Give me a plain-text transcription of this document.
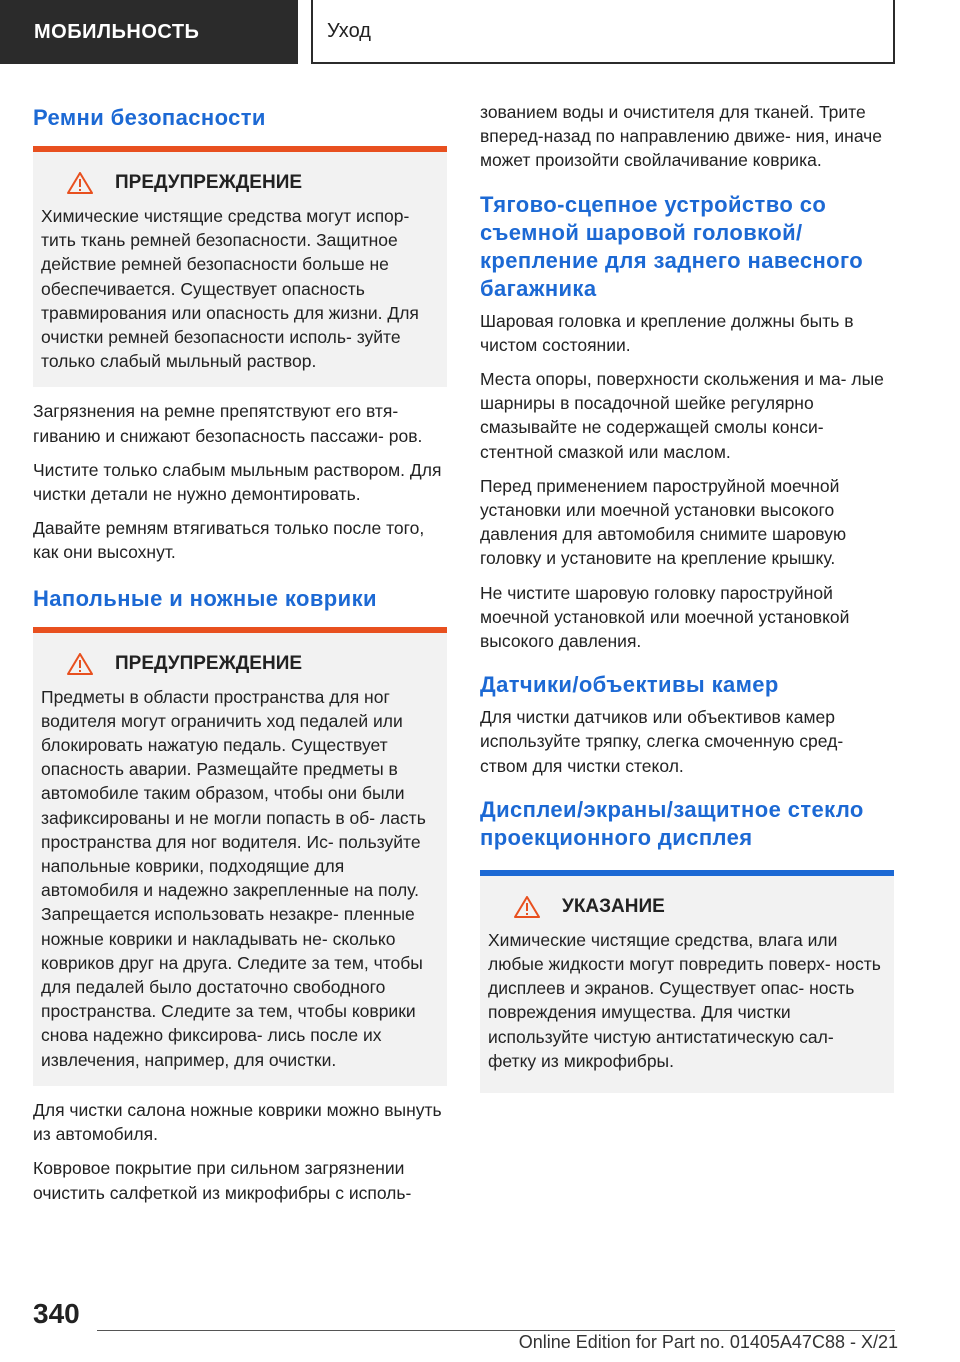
МОБИЛЬНОСТЬ	Уход
Ремни безопасности
ПРЕДУПРЕЖДЕНИЕ

Химические чистящие средства могут испор- тить ткань ремней безопасности. Защитное действие ремней безопасности больше не обеспечивается. Существует опасность травмирования или опасность для жизни. Для очистки ремней безопасности исполь- зуйте только слабый мыльный раствор.

Загрязнения на ремне препятствуют его втя- гиванию и снижают безопасность пассажи- ров.

Чистите только слабым мыльным раствором. Для чистки детали не нужно демонтировать.

Давайте ремням втягиваться только после того, как они высохнут.

Напольные и ножные коврики
ПРЕДУПРЕЖДЕНИЕ

Предметы в области пространства для ног водителя могут ограничить ход педалей или блокировать нажатую педаль. Существует опасность аварии. Размещайте предметы в автомобиле таким образом, чтобы они были зафиксированы и не могли попасть в об- ласть пространства для ног водителя. Ис- пользуйте напольные коврики, подходящие для автомобиля и надежно закрепленные на полу. Запрещается использовать незакре- пленные ножные коврики и накладывать не- сколько ковриков друг на друга. Следите за тем, чтобы для педалей было достаточно свободного пространства. Следите за тем, чтобы коврики снова надежно фиксирова- лись после их извлечения, например, для очистки.

Для чистки салона ножные коврики можно вынуть из автомобиля.

Ковровое покрытие при сильном загрязнении очистить салфеткой из микрофибры с исполь-

зованием воды и очистителя для тканей. Трите вперед-назад по направлению движе- ния, иначе может произойти свойлачивание коврика.

Тягово-сцепное устройство со съемной шаровой головкой/ крепление для заднего навесного багажника

Шаровая головка и крепление должны быть в чистом состоянии.

Места опоры, поверхности скольжения и ма- лые шарниры в посадочной шейке регулярно смазывайте не содержащей смолы конси- стентной смазкой или маслом.

Перед применением пароструйной моечной установки или моечной установки высокого давления для автомобиля снимите шаровую головку и установите на крепление крышку.

Не чистите шаровую головку пароструйной моечной установкой или моечной установкой высокого давления.

Датчики/объективы камер

Для чистки датчиков или объективов камер используйте тряпку, слегка смоченную сред- ством для чистки стекол.

Дисплеи/экраны/защитное стекло проекционного дисплея
УКАЗАНИЕ

Химические чистящие средства, влага или любые жидкости могут повредить поверх- ность дисплеев и экранов. Существует опас- ность повреждения имущества. Для чистки используйте чистую антистатическую сал- фетку из микрофибры.

340
Online Edition for Part no. 01405A47C88 - X/21
